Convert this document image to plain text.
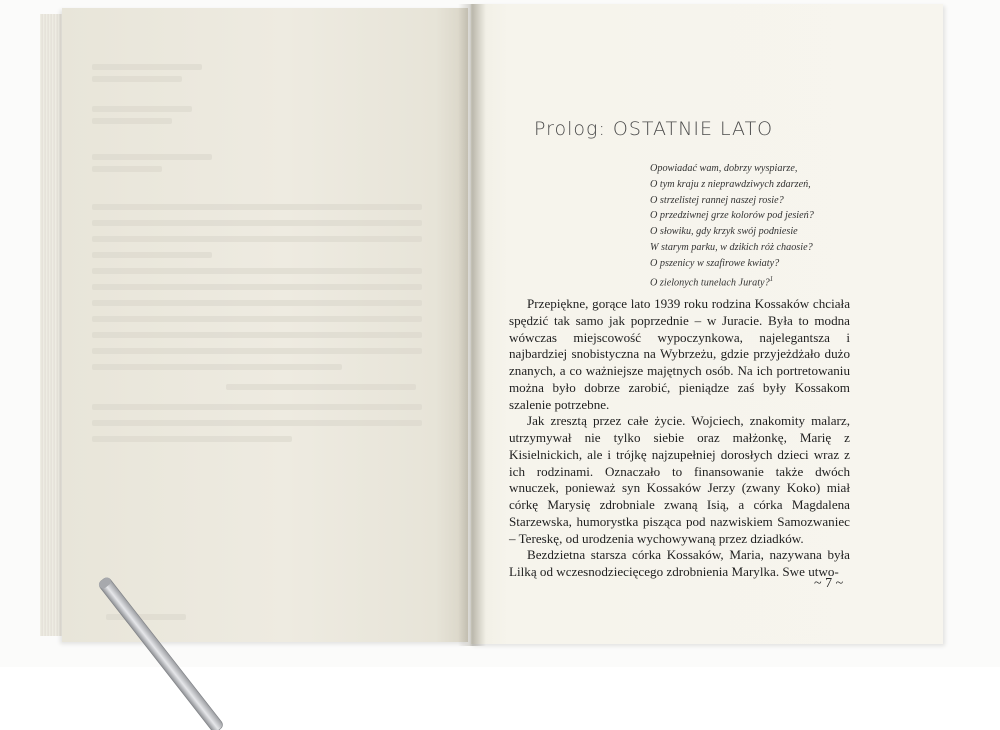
Prolog: OSTATNIE LATO
Opowiadać wam, dobrzy wyspiarze,
O tym kraju z nieprawdziwych zdarzeń,
O strzelistej rannej naszej rosie?
O przedziwnej grze kolorów pod jesień?
O słowiku, gdy krzyk swój podniesie
W starym parku, w dzikich róż chaosie?
O pszenicy w szafirowe kwiaty?
O zielonych tunelach Juraty?$^1$

Przepiękne, gorące lato 1939 roku rodzina Kossaków chciała spędzić tak samo jak poprzednie – w Juracie. Była to modna wówczas miejscowość wypoczynkowa, najelegantsza i najbardziej snobistyczna na Wybrzeżu, gdzie przyjeżdżało dużo znanych, a co ważniejsze majętnych osób. Na ich portretowaniu można było dobrze zarobić, pieniądze zaś były Kossakom szalenie potrzebne.

Jak zresztą przez całe życie. Wojciech, znakomity malarz, utrzymywał nie tylko siebie oraz małżonkę, Marię z Kisielnickich, ale i trójkę najzupełniej dorosłych dzieci wraz z ich rodzinami. Oznaczało to finansowanie także dwóch wnuczek, ponieważ syn Kossaków Jerzy (zwany Koko) miał córkę Marysię zdrobniale zwaną Isią, a córka Magdalena Starzewska, humorystka pisząca pod nazwiskiem Samozwaniec – Tereskę, od urodzenia wychowywaną przez dziadków.

Bezdzietna starsza córka Kossaków, Maria, nazywana była Lilką od wczesnodziecięcego zdrobnienia Marylka. Swe utwo-

~ 7 ~
